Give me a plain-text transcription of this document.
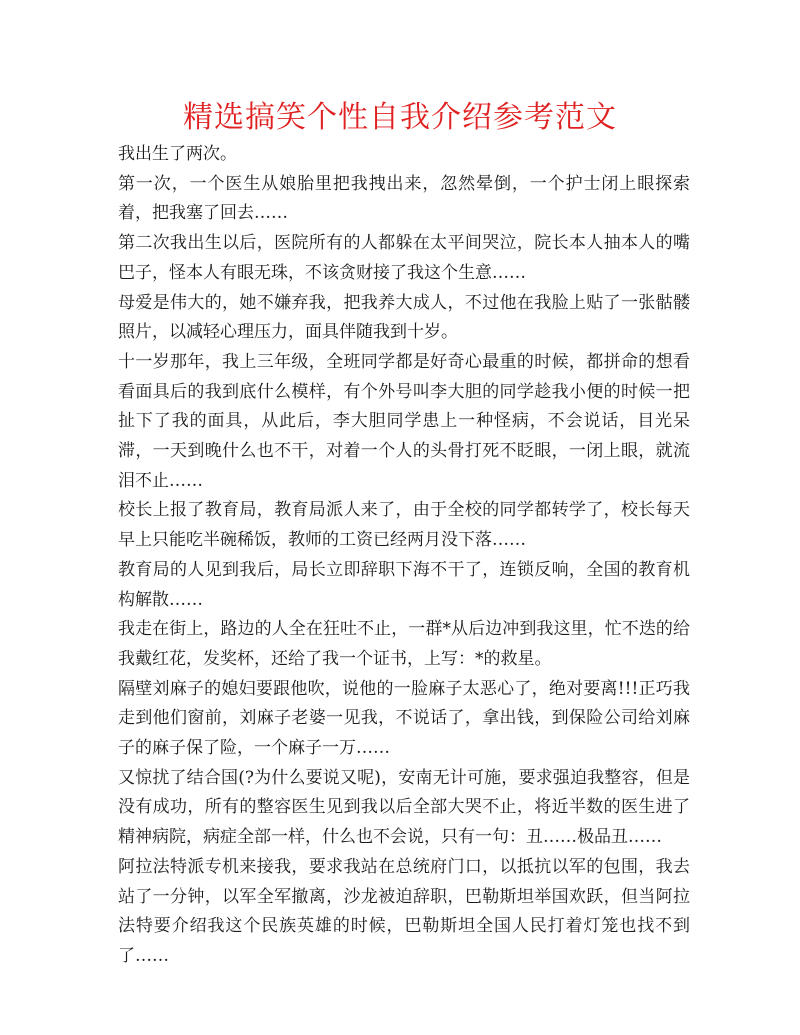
精选搞笑个性自我介绍参考范文

我出生了两次。

第一次，一个医生从娘胎里把我拽出来，忽然晕倒，一个护士闭上眼探索着，把我塞了回去……

第二次我出生以后，医院所有的人都躲在太平间哭泣，院长本人抽本人的嘴巴子，怪本人有眼无珠，不该贪财接了我这个生意……

母爱是伟大的，她不嫌弃我，把我养大成人，不过他在我脸上贴了一张骷髅照片，以减轻心理压力，面具伴随我到十岁。

十一岁那年，我上三年级，全班同学都是好奇心最重的时候，都拼命的想看看面具后的我到底什么模样，有个外号叫李大胆的同学趁我小便的时候一把扯下了我的面具，从此后，李大胆同学患上一种怪病，不会说话，目光呆滞，一天到晚什么也不干，对着一个人的头骨打死不眨眼，一闭上眼，就流泪不止……

校长上报了教育局，教育局派人来了，由于全校的同学都转学了，校长每天早上只能吃半碗稀饭，教师的工资已经两月没下落……

教育局的人见到我后，局长立即辞职下海不干了，连锁反响，全国的教育机构解散……

我走在街上，路边的人全在狂吐不止，一群*从后边冲到我这里，忙不迭的给我戴红花，发奖杯，还给了我一个证书，上写：*的救星。

隔壁刘麻子的媳妇要跟他吹，说他的一脸麻子太恶心了，绝对要离!!!正巧我走到他们窗前，刘麻子老婆一见我，不说话了，拿出钱，到保险公司给刘麻子的麻子保了险，一个麻子一万……

又惊扰了结合国(?为什么要说又呢)，安南无计可施，要求强迫我整容，但是没有成功，所有的整容医生见到我以后全部大哭不止，将近半数的医生进了精神病院，病症全部一样，什么也不会说，只有一句：丑……极品丑……

阿拉法特派专机来接我，要求我站在总统府门口，以抵抗以军的包围，我去站了一分钟，以军全军撤离，沙龙被迫辞职，巴勒斯坦举国欢跃，但当阿拉法特要介绍我这个民族英雄的时候，巴勒斯坦全国人民打着灯笼也找不到了……
